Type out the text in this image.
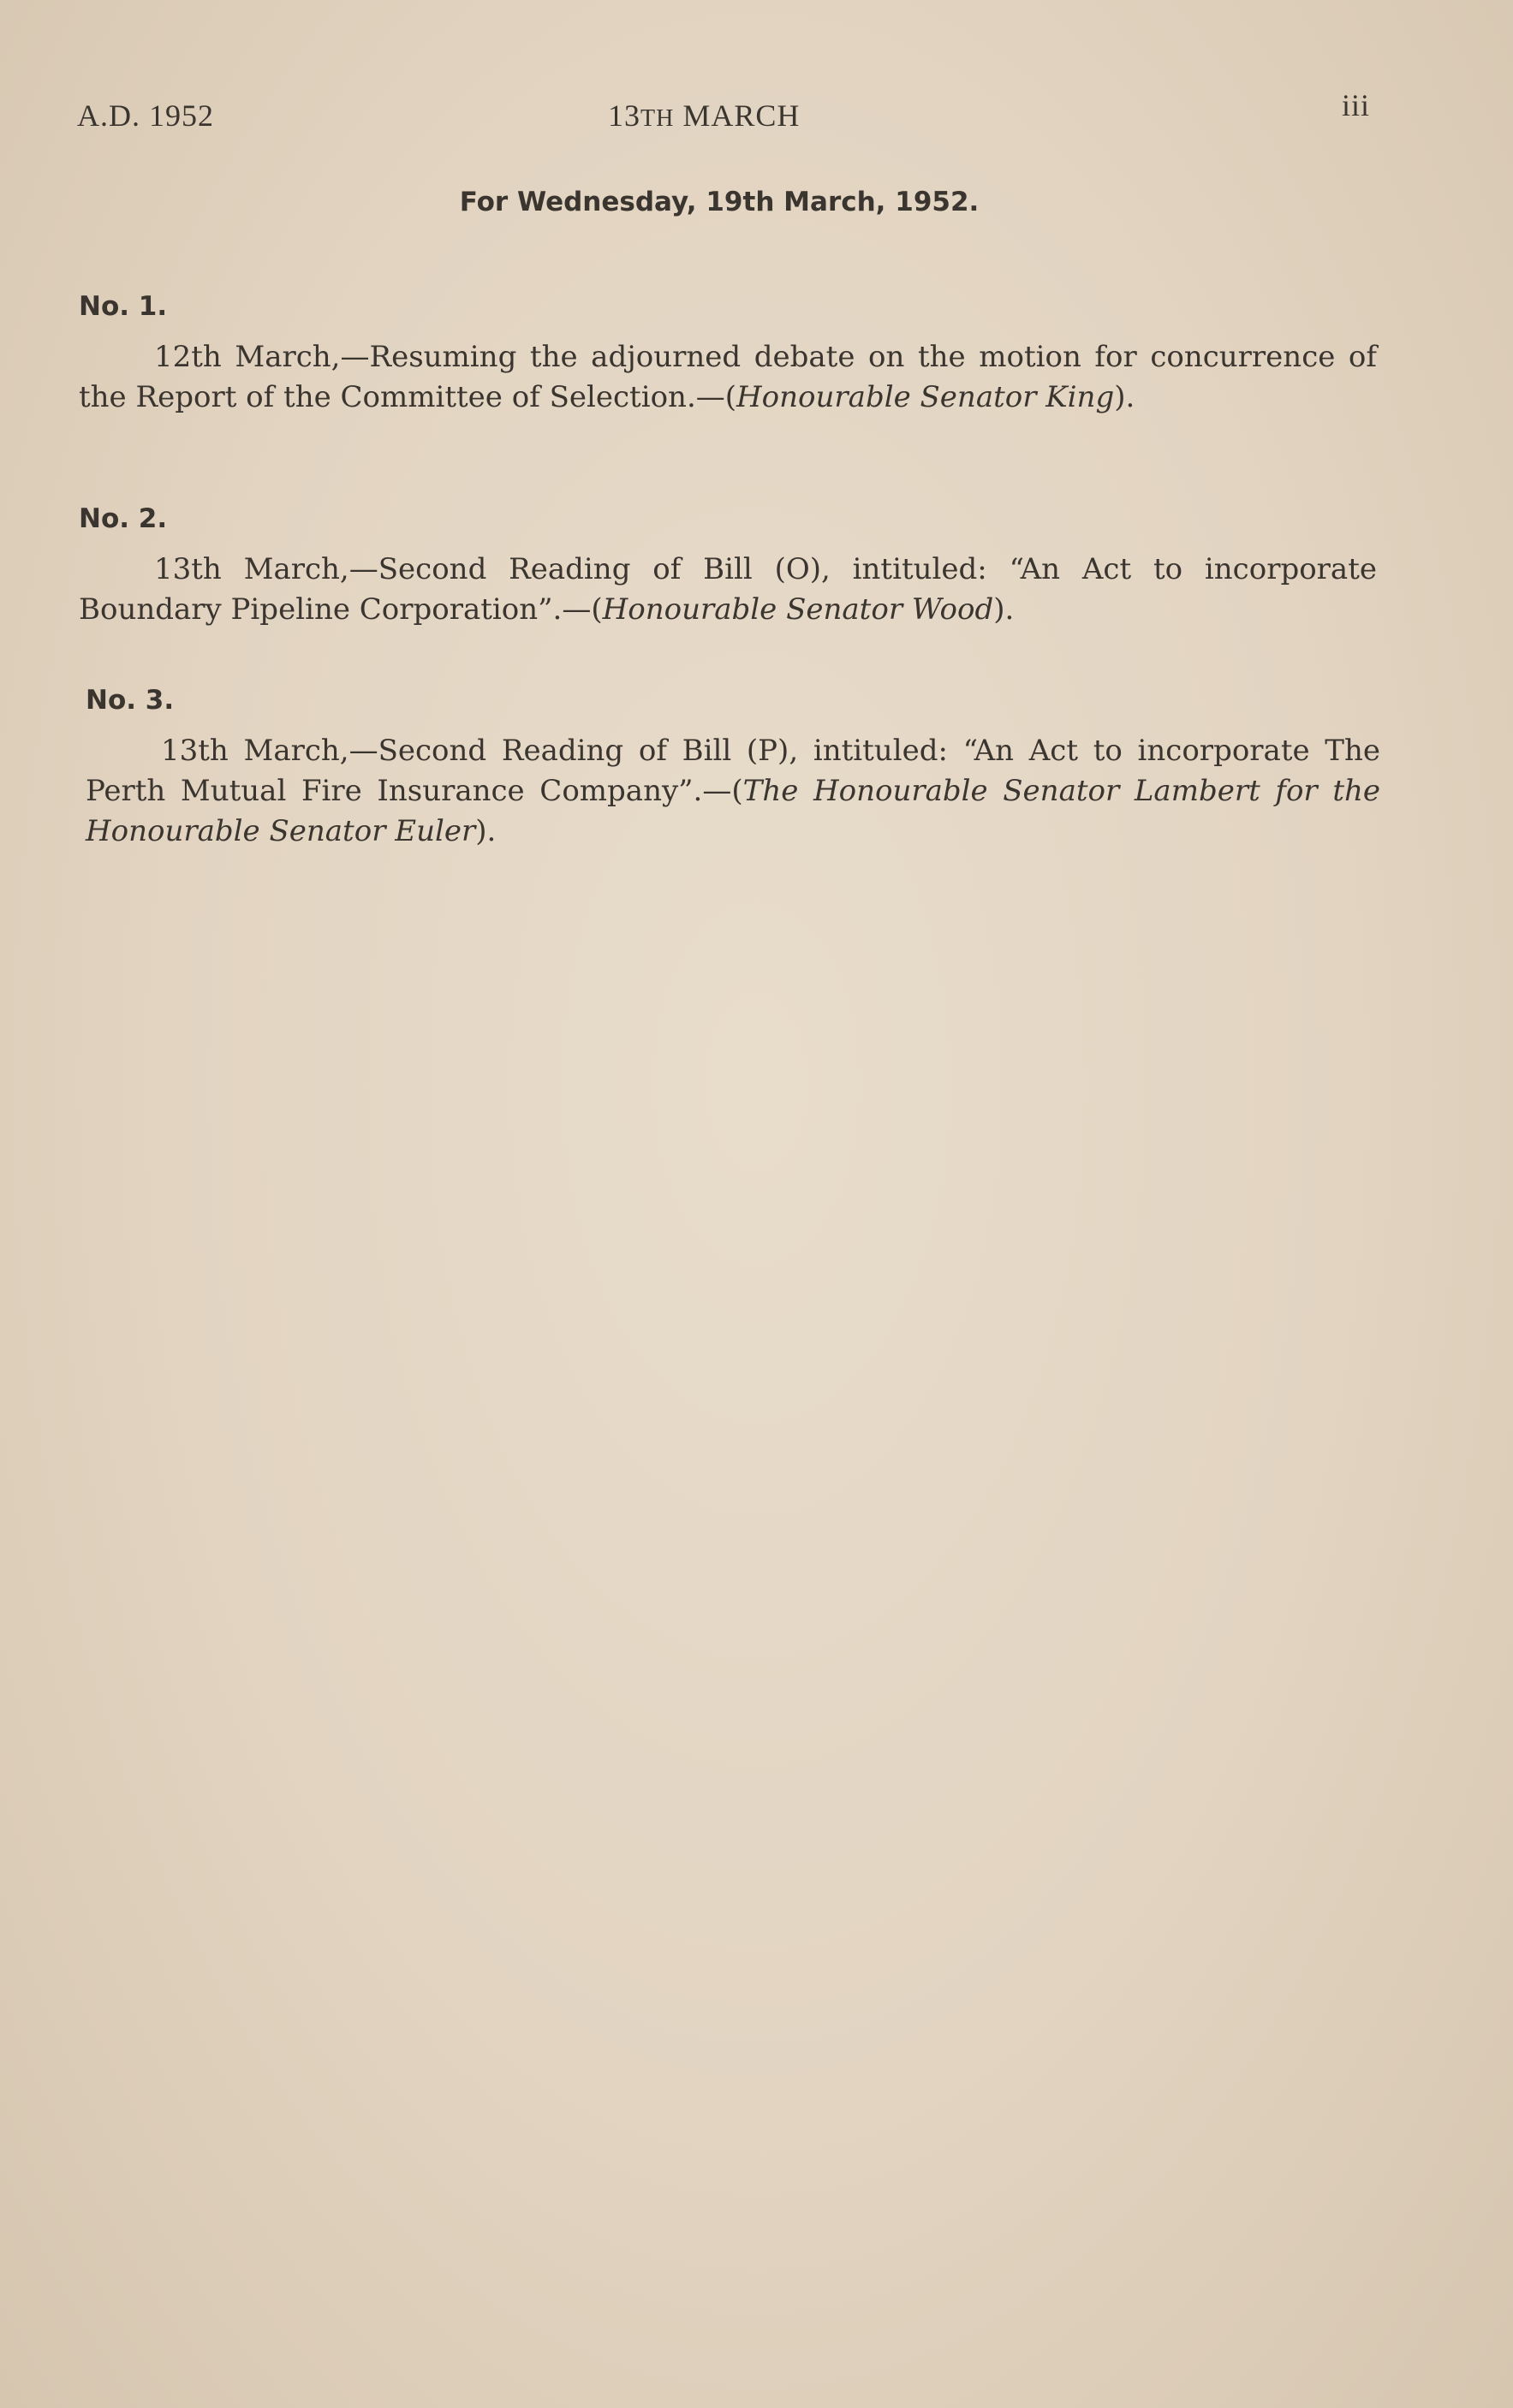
A.D. 1952	13TH MARCH	iii
For Wednesday, 19th March, 1952.
No. 1.
12th March,—Resuming the adjourned debate on the motion for concurrence of the Report of the Committee of Selection.—(Honourable Senator King).
No. 2.
13th March,—Second Reading of Bill (O), intituled: “An Act to incorporate Boundary Pipeline Corporation”.—(Honourable Senator Wood).
No. 3.
13th March,—Second Reading of Bill (P), intituled: “An Act to incorporate The Perth Mutual Fire Insurance Company”.—(The Honourable Senator Lambert for the Honourable Senator Euler).
